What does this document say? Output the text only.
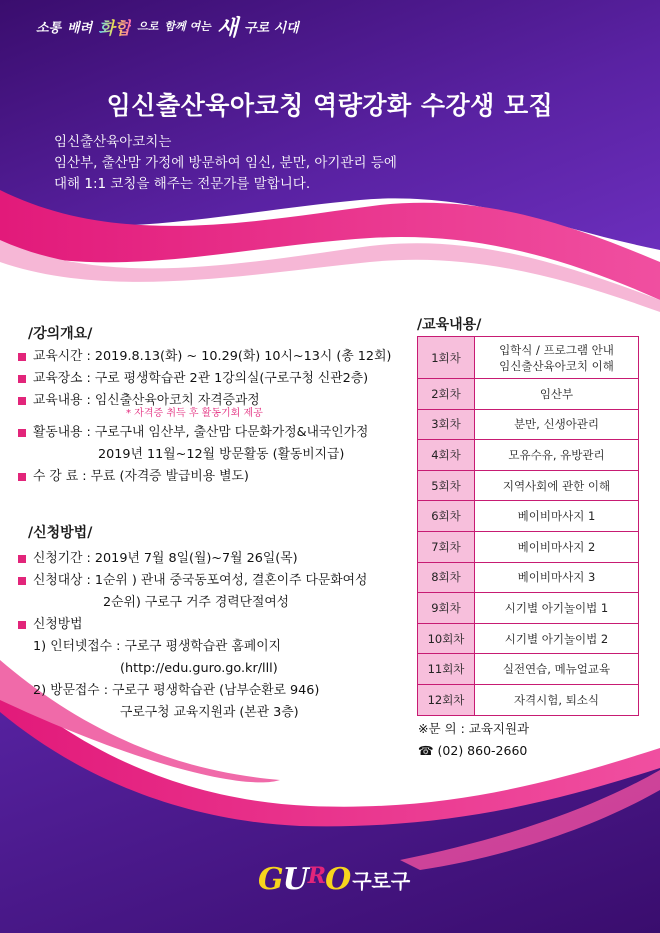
소통 배려 화합 으로 함께 여는 새 구로 시대
임신출산육아코칭 역량강화 수강생 모집
임신출산육아코치는
임산부, 출산맘 가정에 방문하여 임신, 분만, 아기관리 등에
대해 1:1 코칭을 해주는 전문가를 말합니다.
/강의개요/
교육시간 : 2019.8.13(화) ~ 10.29(화) 10시~13시 (총 12회)
교육장소 : 구로 평생학습관 2관 1강의실(구로구청 신관2층)
교육내용 : 임신출산육아코치 자격증과정
* 자격증 취득 후 활동기회 제공
활동내용 : 구로구내 임산부, 출산맘 다문화가정&내국인가정
2019년 11월~12월 방문활동 (활동비지급)
수 강 료 : 무료 (자격증 발급비용 별도)
/신청방법/
신청기간 : 2019년 7월 8일(월)~7월 26일(목)
신청대상 : 1순위 ) 관내 중국동포여성, 결혼이주 다문화여성
2순위) 구로구 거주 경력단절여성
신청방법
1) 인터넷접수 : 구로구 평생학습관 홈페이지
(http://edu.guro.go.kr/lll)
2) 방문접수 : 구로구 평생학습관 (남부순환로 946)
구로구청 교육지원과 (본관 3층)
/교육내용/
1회차	입학식 / 프로그램 안내
임신출산육아코치 이해

2회차	임산부
3회차	분만, 신생아관리
4회차	모유수유, 유방관리
5회차	지역사회에 관한 이해
6회차	베이비마사지 1
7회차	베이비마사지 2
8회차	베이비마사지 3
9회차	시기별 아기놀이법 1
10회차	시기별 아기놀이법 2
11회차	실전연습, 메뉴얼교육
12회차	자격시험, 퇴소식
※문 의 : 교육지원과
☎ (02) 860-2660
GURO 구로구
